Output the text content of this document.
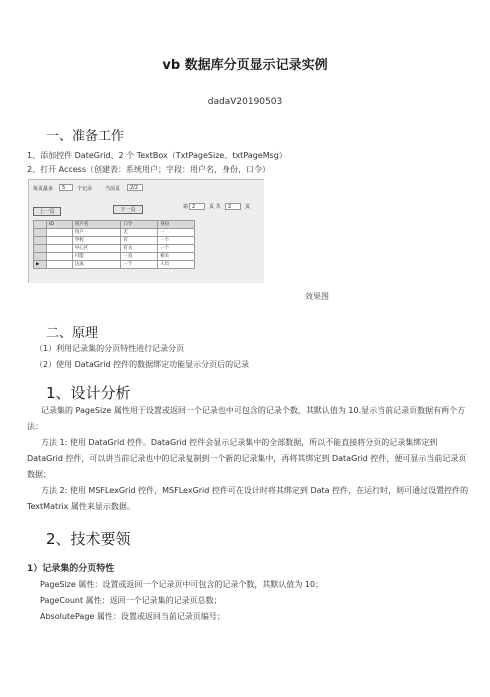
vb 数据库分页显示记录实例
dadaV20190503
一、准备工作
1、添加控件 DateGrid、2 个 TextBox（TxtPageSize、txtPageMsg）
2、打开 Access（创建表：系统用户；字段：用户名，身份，口令）
每页最多	5	个记录	当前页	2/2
上一页	下一页	第 2	页 共	2	页
	ID	用户名	口令	身份
		用户	无	一
		学校	有	一个
		中心区	有关	一个
		可能	一直	相关
▶		达成	一个	人员
效果图
二、原理
（1）利用记录集的分页特性进行记录分页
（2）使用 DataGrid 控件的数据绑定功能显示分页后的记录
1、设计分析
记录集的 PageSize 属性用于设置或返回一个记录也中可包含的记录个数，其默认值为 10.显示当前记录页数据有两个方法：
方法 1: 使用 DataGrid 控件。DataGrid 控件会显示记录集中的全部数据，所以不能直接将分页的记录集绑定到 DataGrid 控件，可以讲当前记录也中的记录复制到一个新的记录集中，再将其绑定到 DataGrid 控件，便可显示当前记录页数据；
方法 2: 使用 MSFLexGrid 控件，MSFLexGrid 控件可在设计时将其绑定到 Data 控件，在运行时，则可通过设置控件的 TextMatrix 属性来显示数据。
2、技术要领
1）记录集的分页特性
PageSize 属性：设置或返回一个记录页中可包含的记录个数，其默认值为 10；
PageCount 属性：返回一个记录集的记录页总数；
AbsolutePage 属性：设置或返回当前记录页编号；
